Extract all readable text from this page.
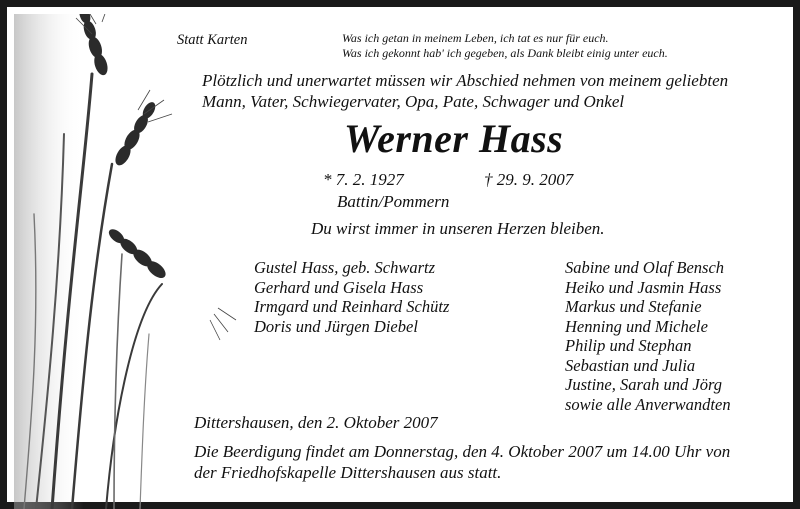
Statt Karten	Was ich getan in meinem Leben, ich tat es nur für euch.
Was ich gekonnt hab' ich gegeben, als Dank bleibt einig unter euch.
Plötzlich und unerwartet müssen wir Abschied nehmen von meinem geliebten
Mann, Vater, Schwiegervater, Opa, Pate, Schwager und Onkel
Werner Hass
* 7. 2. 1927	† 29. 9. 2007
Battin/Pommern
Du wirst immer in unseren Herzen bleiben.
Gustel Hass, geb. Schwartz
Gerhard und Gisela Hass
Irmgard und Reinhard Schütz
Doris und Jürgen Diebel
Sabine und Olaf Bensch
Heiko und Jasmin Hass
Markus und Stefanie
Henning und Michele
Philip und Stephan
Sebastian und Julia
Justine, Sarah und Jörg
sowie alle Anverwandten
Dittershausen, den 2. Oktober 2007
Die Beerdigung findet am Donnerstag, den 4. Oktober 2007 um 14.00 Uhr von
der Friedhofskapelle Dittershausen aus statt.
